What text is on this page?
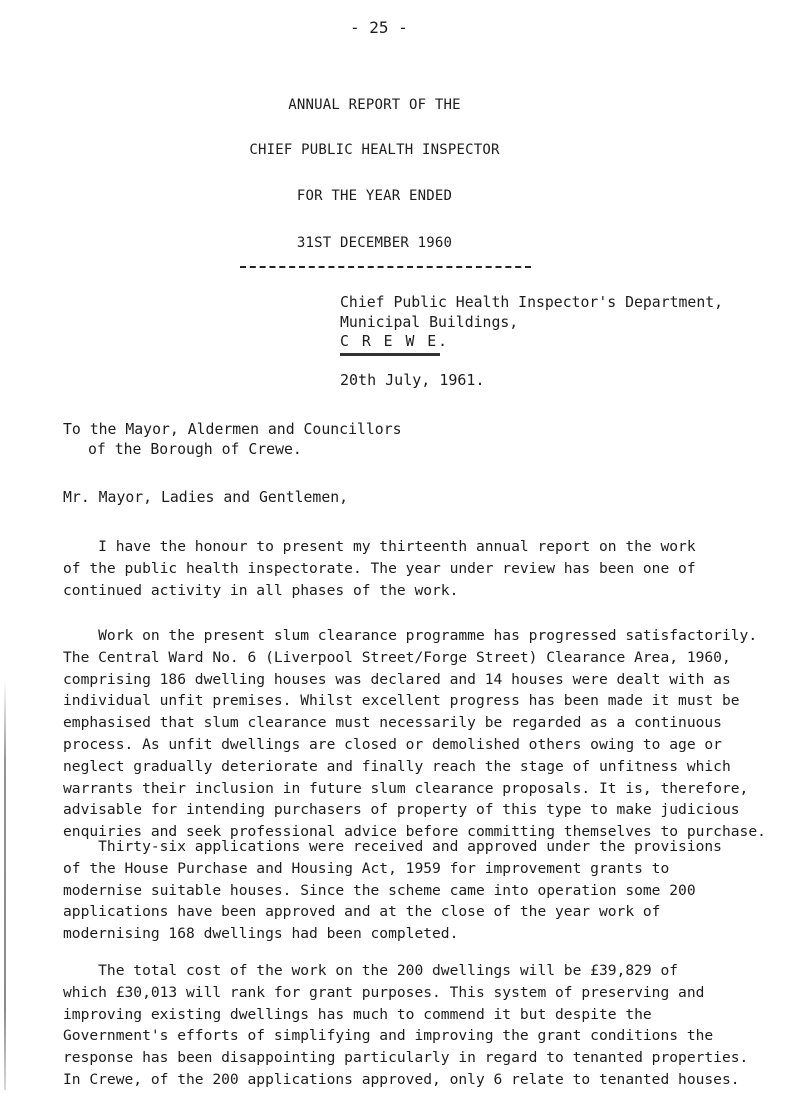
- 25 -
ANNUAL REPORT OF THE
CHIEF PUBLIC HEALTH INSPECTOR
FOR THE YEAR ENDED
31ST DECEMBER 1960
Chief Public Health Inspector's Department,
Municipal Buildings,
C R E W E.
20th July, 1961.
To the Mayor, Aldermen and Councillors
of the Borough of Crewe.
Mr. Mayor, Ladies and Gentlemen,
I have the honour to present my thirteenth annual report on the work
of the public health inspectorate. The year under review has been one of
continued activity in all phases of the work.
Work on the present slum clearance programme has progressed satisfactorily.
The Central Ward No. 6 (Liverpool Street/Forge Street) Clearance Area, 1960,
comprising 186 dwelling houses was declared and 14 houses were dealt with as
individual unfit premises. Whilst excellent progress has been made it must be
emphasised that slum clearance must necessarily be regarded as a continuous
process. As unfit dwellings are closed or demolished others owing to age or
neglect gradually deteriorate and finally reach the stage of unfitness which
warrants their inclusion in future slum clearance proposals. It is, therefore,
advisable for intending purchasers of property of this type to make judicious
enquiries and seek professional advice before committing themselves to purchase.
Thirty-six applications were received and approved under the provisions
of the House Purchase and Housing Act, 1959 for improvement grants to
modernise suitable houses. Since the scheme came into operation some 200
applications have been approved and at the close of the year work of
modernising 168 dwellings had been completed.
The total cost of the work on the 200 dwellings will be £39,829 of
which £30,013 will rank for grant purposes. This system of preserving and
improving existing dwellings has much to commend it but despite the
Government's efforts of simplifying and improving the grant conditions the
response has been disappointing particularly in regard to tenanted properties.
In Crewe, of the 200 applications approved, only 6 relate to tenanted houses.
